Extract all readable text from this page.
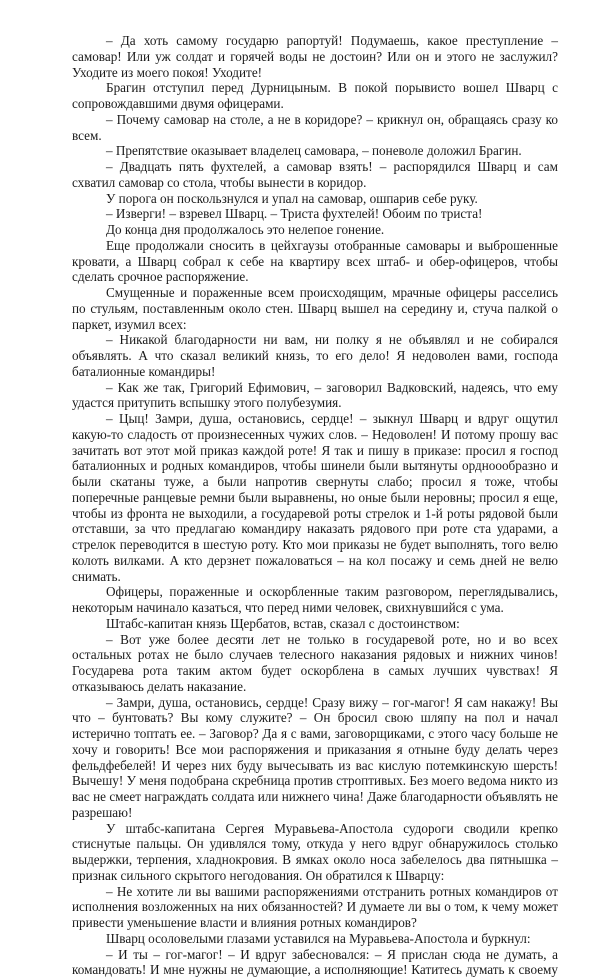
– Да хоть самому государю рапортуй! Подумаешь, какое преступление – самовар! Или уж солдат и горячей воды не достоин? Или он и этого не заслужил? Уходите из моего покоя! Уходите!

Брагин отступил перед Дурницыным. В покой порывисто вошел Шварц с сопровождавшими двумя офицерами.

– Почему самовар на столе, а не в коридоре? – крикнул он, обращаясь сразу ко всем.

– Препятствие оказывает владелец самовара, – поневоле доложил Брагин.

– Двадцать пять фухтелей, а самовар взять! – распорядился Шварц и сам схватил самовар со стола, чтобы вынести в коридор.

У порога он поскользнулся и упал на самовар, ошпарив себе руку.

– Изверги! – взревел Шварц. – Триста фухтелей! Обоим по триста!

До конца дня продолжалось это нелепое гонение.

Еще продолжали сносить в цейхгаузы отобранные самовары и выброшенные кровати, а Шварц собрал к себе на квартиру всех штаб- и обер-офицеров, чтобы сделать срочное распоряжение.

Смущенные и пораженные всем происходящим, мрачные офицеры расселись по стульям, поставленным около стен. Шварц вышел на середину и, стуча палкой о паркет, изумил всех:

– Никакой благодарности ни вам, ни полку я не объявлял и не собирался объявлять. А что сказал великий князь, то его дело! Я недоволен вами, господа баталионные командиры!

– Как же так, Григорий Ефимович, – заговорил Вадковский, надеясь, что ему удастся притупить вспышку этого полубезумия.

– Цыц! Замри, душа, остановись, сердце! – зыкнул Шварц и вдруг ощутил какую-то сладость от произнесенных чужих слов. – Недоволен! И потому прошу вас зачитать вот этот мой приказ каждой роте! Я так и пишу в приказе: просил я господ баталионных и родных командиров, чтобы шинели были вытянуты ордноообразно и были скатаны туже, а были напротив свернуты слабо; просил я тоже, чтобы поперечные ранцевые ремни были выравнены, но оные были неровны; просил я еще, чтобы из фронта не выходили, а государевой роты стрелок и 1-й роты рядовой были отставши, за что предлагаю командиру наказать рядового при роте ста ударами, а стрелок переводится в шестую роту. Кто мои приказы не будет выполнять, того велю колоть вилками. А кто дерзнет пожаловаться – на кол посажу и семь дней не велю снимать.

Офицеры, пораженные и оскорбленные таким разговором, переглядывались, некоторым начинало казаться, что перед ними человек, свихнувшийся с ума.

Штабс-капитан князь Щербатов, встав, сказал с достоинством:

– Вот уже более десяти лет не только в государевой роте, но и во всех остальных ротах не было случаев телесного наказания рядовых и нижних чинов! Государева рота таким актом будет оскорблена в самых лучших чувствах! Я отказываюсь делать наказание.

– Замри, душа, остановись, сердце! Сразу вижу – гог-магог! Я сам накажу! Вы что – бунтовать? Вы кому служите? – Он бросил свою шляпу на пол и начал истерично топтать ее. – Заговор? Да я с вами, заговорщиками, с этого часу больше не хочу и говорить! Все мои распоряжения и приказания я отныне буду делать через фельдфебелей! И через них буду вычесывать из вас кислую потемкинскую шерсть! Вычешу! У меня подобрана скребница против строптивых. Без моего ведома никто из вас не смеет награждать солдата или нижнего чина! Даже благодарности объявлять не разрешаю!

У штабс-капитана Сергея Муравьева-Апостола судороги сводили крепко стиснутые пальцы. Он удивлялся тому, откуда у него вдруг обнаружилось столько выдержки, терпения, хладнокровия. В ямках около носа забелелось два пятнышка – признак сильного скрытого негодования. Он обратился к Шварцу:

– Не хотите ли вы вашими распоряжениями отстранить ротных командиров от исполнения возложенных на них обязанностей? И думаете ли вы о том, к чему может привести уменьшение власти и влияния ротных командиров?

Шварц осоловелыми глазами уставился на Муравьева-Апостола и буркнул:

– И ты – гог-магог! – И вдруг забесновался: – Я прислан сюда не думать, а командовать! И мне нужны не думающие, а исполняющие! Катитесь думать к своему
